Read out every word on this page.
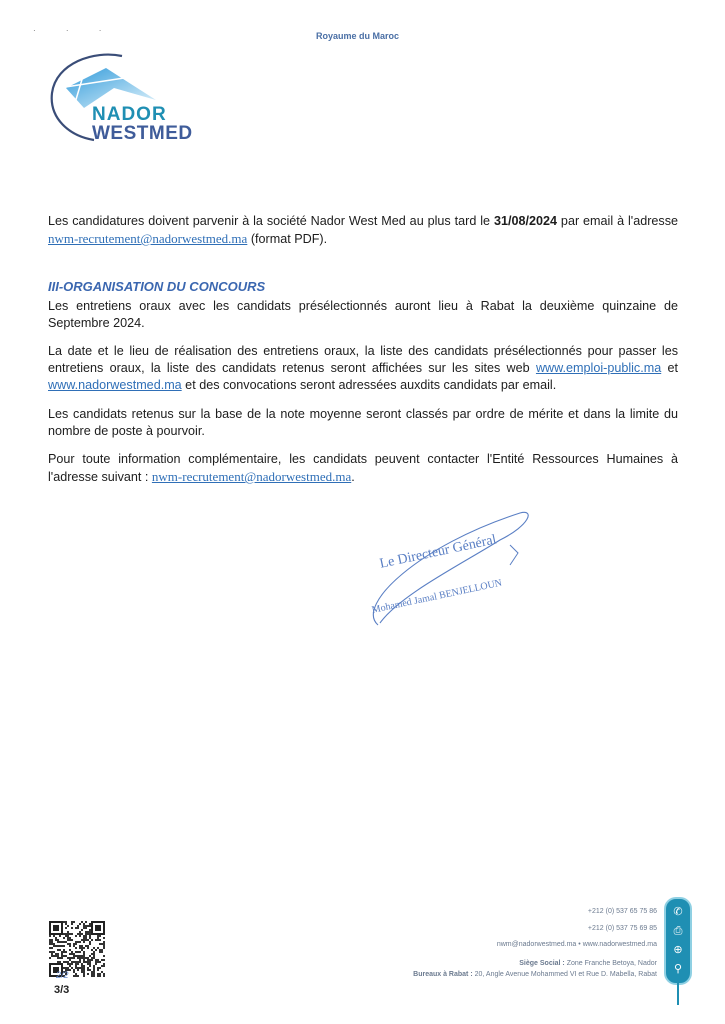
· · ·
Royaume du Maroc
NADOR
WESTMED

Les candidatures doivent parvenir à la société Nador West Med au plus tard le 31/08/2024 par email à l'adresse nwm-recrutement@nadorwestmed.ma (format PDF).

III-ORGANISATION DU CONCOURS

Les entretiens oraux avec les candidats présélectionnés auront lieu à Rabat la deuxième quinzaine de Septembre 2024.

La date et le lieu de réalisation des entretiens oraux, la liste des candidats présélectionnés pour passer les entretiens oraux, la liste des candidats retenus seront affichées sur les sites web www.emploi-public.ma et www.nadorwestmed.ma et des convocations seront adressées auxdits candidats par email.

Les candidats retenus sur la base de la note moyenne seront classés par ordre de mérite et dans la limite du nombre de poste à pourvoir.

Pour toute information complémentaire, les candidats peuvent contacter l'Entité Ressources Humaines à l'adresse suivant : nwm-recrutement@nadorwestmed.ma.

Le Directeur Général
Mohamed Jamal BENJELLOUN
+212 (0) 537 65 75 86
+212 (0) 537 75 69 85
nwm@nadorwestmed.ma • www.nadorwestmed.ma
Siège Social : Zone Franche Betoya, Nador
Bureaux à Rabat : 20, Angle Avenue Mohammed VI et Rue D. Mabella, Rabat
✆
⎙
⊕
⚲
2/2
3/3
